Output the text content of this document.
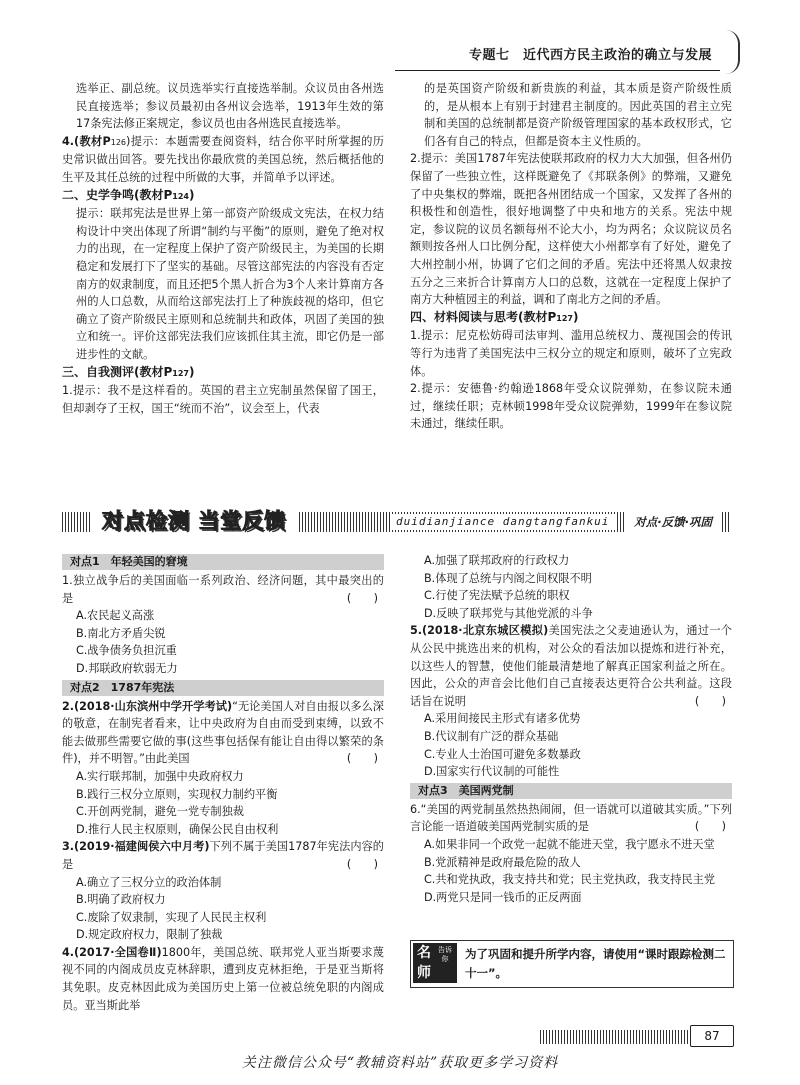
专题七　近代西方民主政治的确立与发展

选举正、副总统。议员选举实行直接选举制。众议员由各州选民直接选举；参议员最初由各州议会选举，1913年生效的第17条宪法修正案规定，参议员也由各州选民直接选举。

4.(教材P126)提示：本题需要查阅资料，结合你平时所掌握的历史常识做出回答。要先找出你最欣赏的美国总统，然后概括他的生平及其任总统的过程中所做的大事，并简单予以评述。

二、史学争鸣(教材P124)

提示：联邦宪法是世界上第一部资产阶级成文宪法，在权力结构设计中突出体现了所谓“制约与平衡”的原则，避免了绝对权力的出现，在一定程度上保护了资产阶级民主，为美国的长期稳定和发展打下了坚实的基础。尽管这部宪法的内容没有否定南方的奴隶制度，而且还把5个黑人折合为3个人来计算南方各州的人口总数，从而给这部宪法打上了种族歧视的烙印，但它确立了资产阶级民主原则和总统制共和政体，巩固了美国的独立和统一。评价这部宪法我们应该抓住其主流，即它仍是一部进步性的文献。

三、自我测评(教材P127)

1.提示：我不是这样看的。英国的君主立宪制虽然保留了国王，但却剥夺了王权，国王“统而不治”，议会至上，代表

的是英国资产阶级和新贵族的利益，其本质是资产阶级性质的，是从根本上有别于封建君主制度的。因此英国的君主立宪制和美国的总统制都是资产阶级管理国家的基本政权形式，它们各有自己的特点，但都是资本主义性质的。

2.提示：美国1787年宪法使联邦政府的权力大大加强，但各州仍保留了一些独立性，这样既避免了《邦联条例》的弊端，又避免了中央集权的弊端，既把各州团结成一个国家，又发挥了各州的积极性和创造性，很好地调整了中央和地方的关系。宪法中规定，参议院的议员名额每州不论大小，均为两名；众议院议员名额则按各州人口比例分配，这样使大小州都享有了好处，避免了大州控制小州，协调了它们之间的矛盾。宪法中还将黑人奴隶按五分之三来折合计算南方人口的总数，这就在一定程度上保护了南方大种植园主的利益，调和了南北方之间的矛盾。

四、材料阅读与思考(教材P127)

1.提示：尼克松妨碍司法审判、滥用总统权力、蔑视国会的传讯等行为违背了美国宪法中三权分立的规定和原则，破坏了立宪政体。

2.提示：安德鲁·约翰逊1868年受众议院弹劾，在参议院未通过，继续任职；克林顿1998年受众议院弹劾，1999年在参议院未通过，继续任职。

对点检测 当堂反馈	duidianjiance dangtangfankui	对点·反馈·巩固
对点1　年轻美国的窘境

1.独立战争后的美国面临一系列政治、经济问题，其中最突出的是	(　　)

A.农民起义高涨

B.南北方矛盾尖锐

C.战争债务负担沉重

D.邦联政府软弱无力

对点2　1787年宪法

2.(2018·山东滨州中学开学考试)“无论美国人对自由报以多么深的敬意，在制宪者看来，让中央政府为自由而受到束缚，以致不能去做那些需要它做的事(这些事包括保有能让自由得以繁荣的条件)，并不明智。”由此美国	(　　)

A.实行联邦制，加强中央政府权力

B.践行三权分立原则，实现权力制约平衡

C.开创两党制，避免一党专制独裁

D.推行人民主权原则，确保公民自由权利

3.(2019·福建闽侯六中月考)下列不属于美国1787年宪法内容的是	(　　)

A.确立了三权分立的政治体制

B.明确了政府权力

C.废除了奴隶制，实现了人民民主权利

D.规定政府权力，限制了独裁

4.(2017·全国卷Ⅱ)1800年，美国总统、联邦党人亚当斯要求蔑视不同的内阁成员皮克林辞职，遭到皮克林拒绝，于是亚当斯将其免职。皮克林因此成为美国历史上第一位被总统免职的内阁成员。亚当斯此举

A.加强了联邦政府的行政权力

B.体现了总统与内阁之间权限不明

C.行使了宪法赋予总统的职权

D.反映了联邦党与其他党派的斗争

5.(2018·北京东城区模拟)美国宪法之父麦迪逊认为，通过一个从公民中挑选出来的机构，对公众的看法加以提炼和进行补充，以这些人的智慧，使他们能最清楚地了解真正国家利益之所在。因此，公众的声音会比他们自己直接表达更符合公共利益。这段话旨在说明	(　　)

A.采用间接民主形式有诸多优势

B.代议制有广泛的群众基础

C.专业人士治国可避免多数暴政

D.国家实行代议制的可能性

对点3　美国两党制

6.“美国的两党制虽然热热闹闹，但一语就可以道破其实质。”下列言论能一语道破美国两党制实质的是	(　　)

A.如果非同一个政党一起就不能进天堂，我宁愿永不进天堂

B.党派精神是政府最危险的敌人

C.共和党执政，我支持共和党；民主党执政，我支持民主党

D.两党只是同一钱币的正反两面

名师
告诉你	为了巩固和提升所学内容，请使用“课时跟踪检测二十一”。
87
关注微信公众号“教辅资料站”获取更多学习资料
